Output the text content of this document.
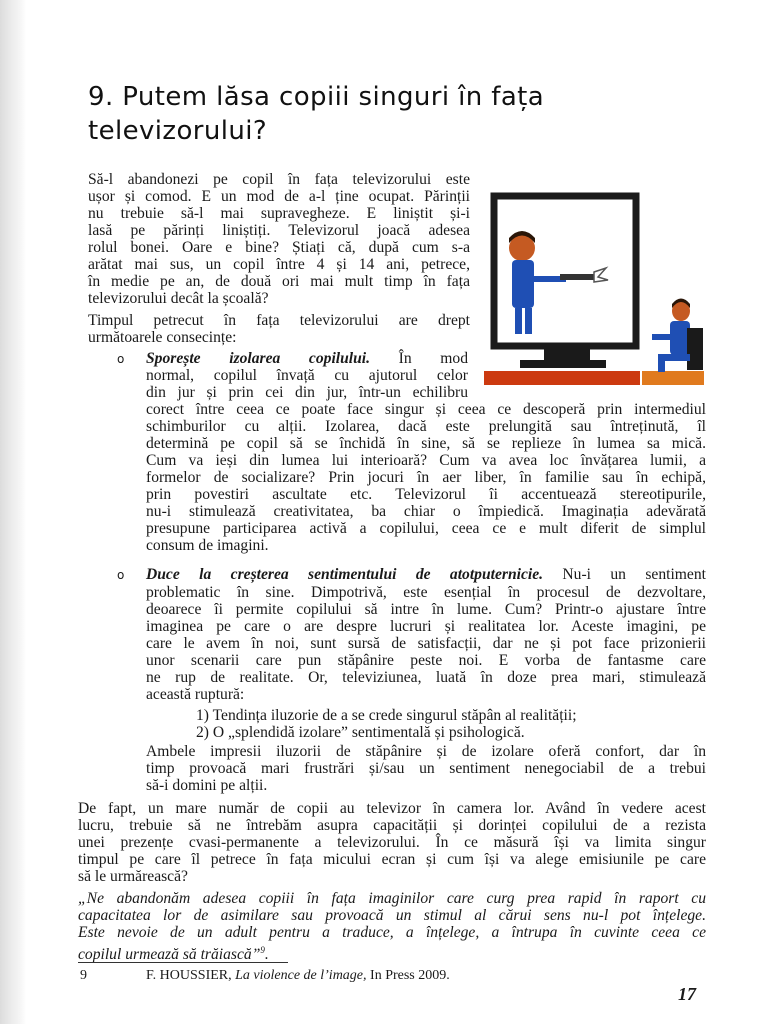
9. Putem lăsa copiii singuri în fața televizorului?
Să-l abandonezi pe copil în fața televizorului este
ușor și comod. E un mod de a-l ține ocupat. Părinții
nu trebuie să-l mai supravegheze. E liniștit și-i
lasă pe părinți liniștiți. Televizorul joacă adesea
rolul bonei. Oare e bine? Știați că, după cum s-a
arătat mai sus, un copil între 4 și 14 ani, petrece,
în medie pe an, de două ori mai mult timp în fața
televizorului decât la școală?
Timpul petrecut în fața televizorului are drept
următoarele consecințe:
o Sporește izolarea copilului. În mod
normal, copilul învață cu ajutorul celor
din jur și prin cei din jur, într-un echilibru
corect între ceea ce poate face singur și ceea ce descoperă prin intermediul
schimburilor cu alții. Izolarea, dacă este prelungită sau întreținută, îl
determină pe copil să se închidă în sine, să se replieze în lumea sa mică.
Cum va ieși din lumea lui interioară? Cum va avea loc învățarea lumii, a
formelor de socializare? Prin jocuri în aer liber, în familie sau în echipă,
prin povestiri ascultate etc. Televizorul îi accentuează stereotipurile,
nu-i stimulează creativitatea, ba chiar o împiedică. Imaginația adevărată
presupune participarea activă a copilului, ceea ce e mult diferit de simplul
consum de imagini.
o Duce la creșterea sentimentului de atotputernicie. Nu-i un sentiment
problematic în sine. Dimpotrivă, este esențial în procesul de dezvoltare,
deoarece îi permite copilului să intre în lume. Cum? Printr-o ajustare între
imaginea pe care o are despre lucruri și realitatea lor. Aceste imagini, pe
care le avem în noi, sunt sursă de satisfacții, dar ne și pot face prizonierii
unor scenarii care pun stăpânire peste noi. E vorba de fantasme care
ne rup de realitate. Or, televiziunea, luată în doze prea mari, stimulează
această ruptură:
1) Tendința iluzorie de a se crede singurul stăpân al realității;
2) O „splendidă izolare” sentimentală și psihologică.
Ambele impresii iluzorii de stăpânire și de izolare oferă confort, dar în
timp provoacă mari frustrări și/sau un sentiment nenegociabil de a trebui
să-i domini pe alții.
De fapt, un mare număr de copii au televizor în camera lor. Având în vedere acest
lucru, trebuie să ne întrebăm asupra capacității și dorinței copilului de a rezista
unei prezențe cvasi-permanente a televizorului. În ce măsură își va limita singur
timpul pe care îl petrece în fața micului ecran și cum își va alege emisiunile pe care
să le urmărească?
„Ne abandonăm adesea copiii în fața imaginilor care curg prea rapid în raport cu
capacitatea lor de asimilare sau provoacă un stimul al cărui sens nu-l pot înțelege.
Este nevoie de un adult pentru a traduce, a înțelege, a întrupa în cuvinte ceea ce
copilul urmează să trăiască”$^9$.
9	F. HOUSSIER, La violence de l’image, In Press 2009.
17
